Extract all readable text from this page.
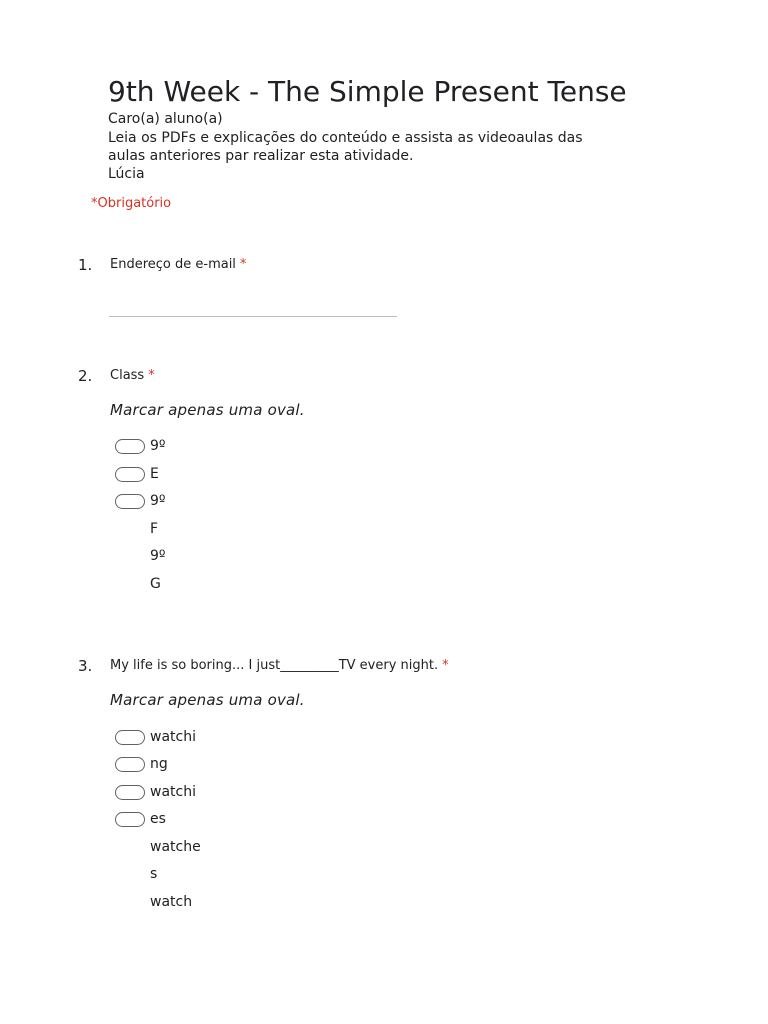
9th Week - The Simple Present Tense
Caro(a) aluno(a)
Leia os PDFs e explicações do conteúdo e assista as videoaulas das
aulas anteriores par realizar esta atividade.
Lúcia
*Obrigatório
1. Endereço de e-mail *
2. Class *
Marcar apenas uma oval.
9º
E
9º
F
9º
G
3. My life is so boring... I just_________TV every night. *
Marcar apenas uma oval.
watchi
ng
watchi
es
watche
s
watch
